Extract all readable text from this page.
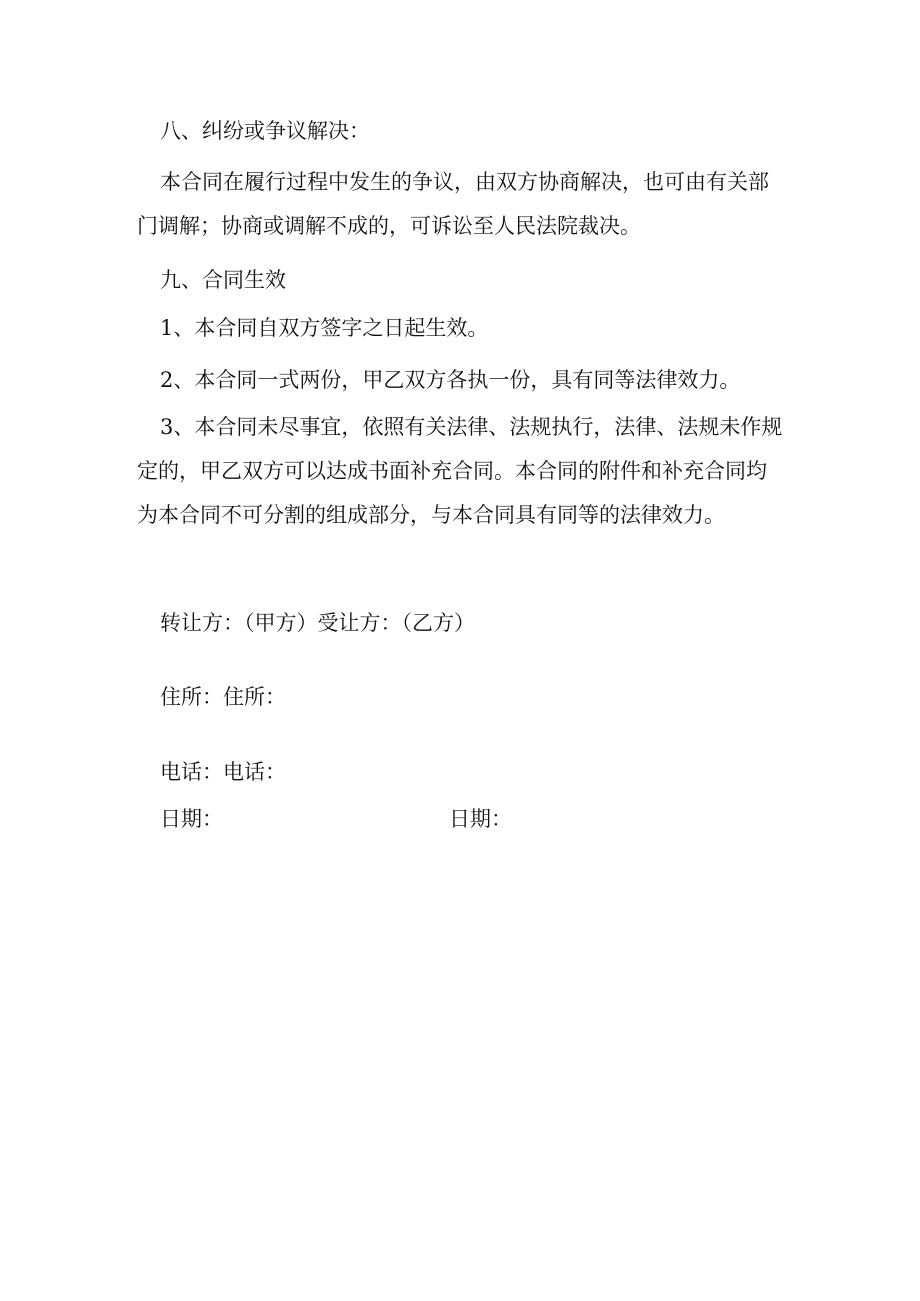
八、纠纷或争议解决：
本合同在履行过程中发生的争议，由双方协商解决，也可由有关部门调解；协商或调解不成的，可诉讼至人民法院裁决。
九、合同生效
1、本合同自双方签字之日起生效。
2、本合同一式两份，甲乙双方各执一份，具有同等法律效力。
3、本合同未尽事宜，依照有关法律、法规执行，法律、法规未作规定的，甲乙双方可以达成书面补充合同。本合同的附件和补充合同均为本合同不可分割的组成部分，与本合同具有同等的法律效力。
转让方：（甲方）受让方：（乙方）
住所：住所：
电话：电话：
日期：	日期：
